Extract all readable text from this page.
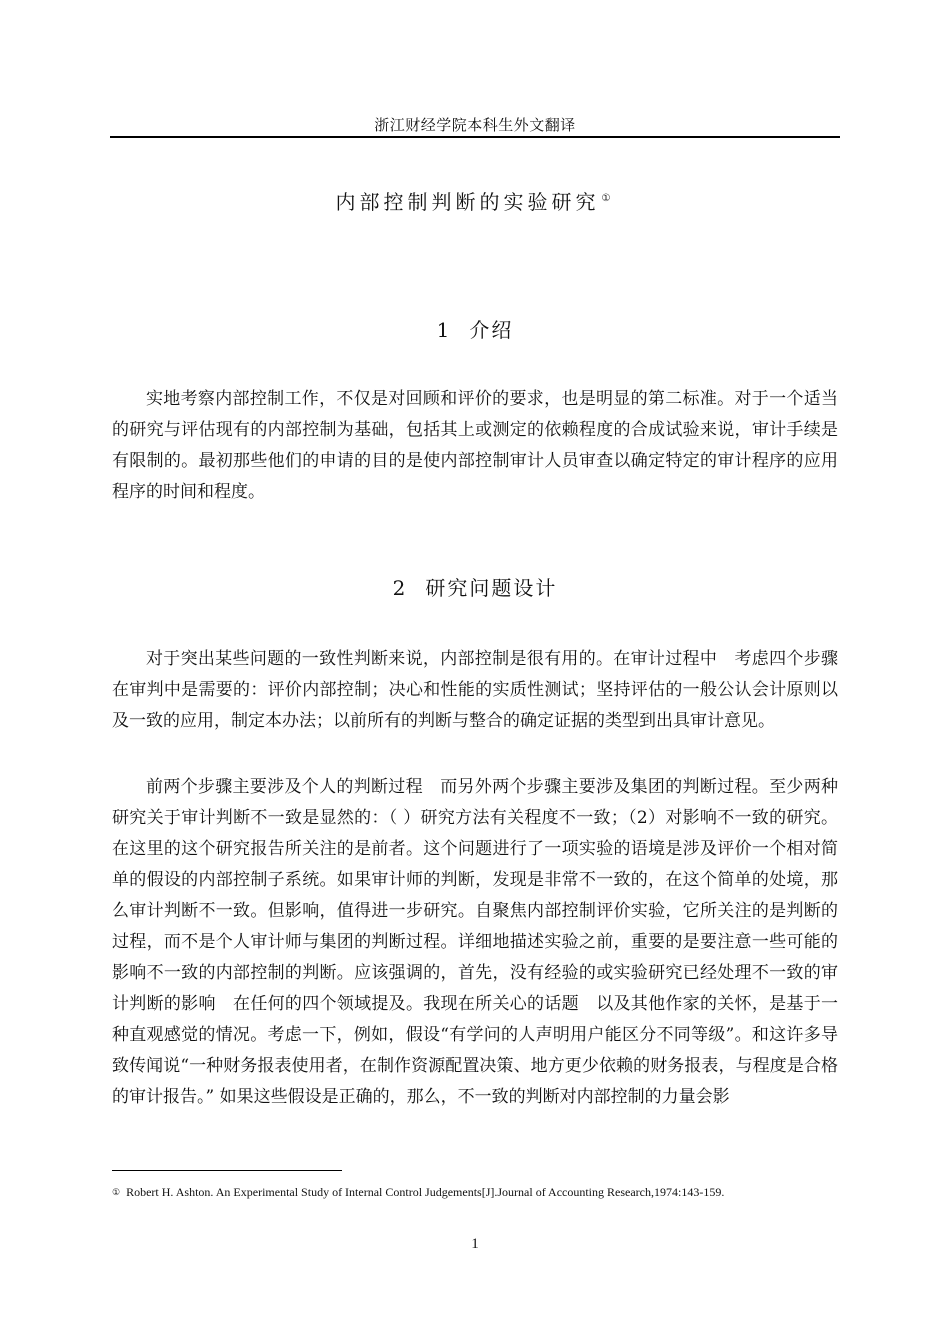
浙江财经学院本科生外文翻译
内部控制判断的实验研究 ①
1 介绍

实地考察内部控制工作，不仅是对回顾和评价的要求，也是明显的第二标准。对于一个适当的研究与评估现有的内部控制为基础，包括其上或测定的依赖程度的合成试验来说，审计手续是有限制的。最初那些他们的申请的目的是使内部控制审计人员审查以确定特定的审计程序的应用程序的时间和程度。

2 研究问题设计

对于突出某些问题的一致性判断来说，内部控制是很有用的。在审计过程中　考虑四个步骤在审判中是需要的：评价内部控制；决心和性能的实质性测试；坚持评估的一般公认会计原则以及一致的应用，制定本办法；以前所有的判断与整合的确定证据的类型到出具审计意见。

前两个步骤主要涉及个人的判断过程　而另外两个步骤主要涉及集团的判断过程。至少两种研究关于审计判断不一致是显然的：（ ）研究方法有关程度不一致；（2）对影响不一致的研究。在这里的这个研究报告所关注的是前者。这个问题进行了一项实验的语境是涉及评价一个相对简单的假设的内部控制子系统。如果审计师的判断，发现是非常不一致的，在这个简单的处境，那么审计判断不一致。但影响，值得进一步研究。自聚焦内部控制评价实验，它所关注的是判断的过程，而不是个人审计师与集团的判断过程。详细地描述实验之前，重要的是要注意一些可能的影响不一致的内部控制的判断。应该强调的，首先，没有经验的或实验研究已经处理不一致的审计判断的影响　在任何的四个领域提及。我现在所关心的话题　以及其他作家的关怀，是基于一种直观感觉的情况。考虑一下，例如，假设“有学问的人声明用户能区分不同等级”。和这许多导致传闻说“一种财务报表使用者，在制作资源配置决策、地方更少依赖的财务报表，与程度是合格的审计报告。” 如果这些假设是正确的，那么，不一致的判断对内部控制的力量会影

① Robert H. Ashton. An Experimental Study of Internal Control Judgements[J].Journal of Accounting Research,1974:143-159.
1
